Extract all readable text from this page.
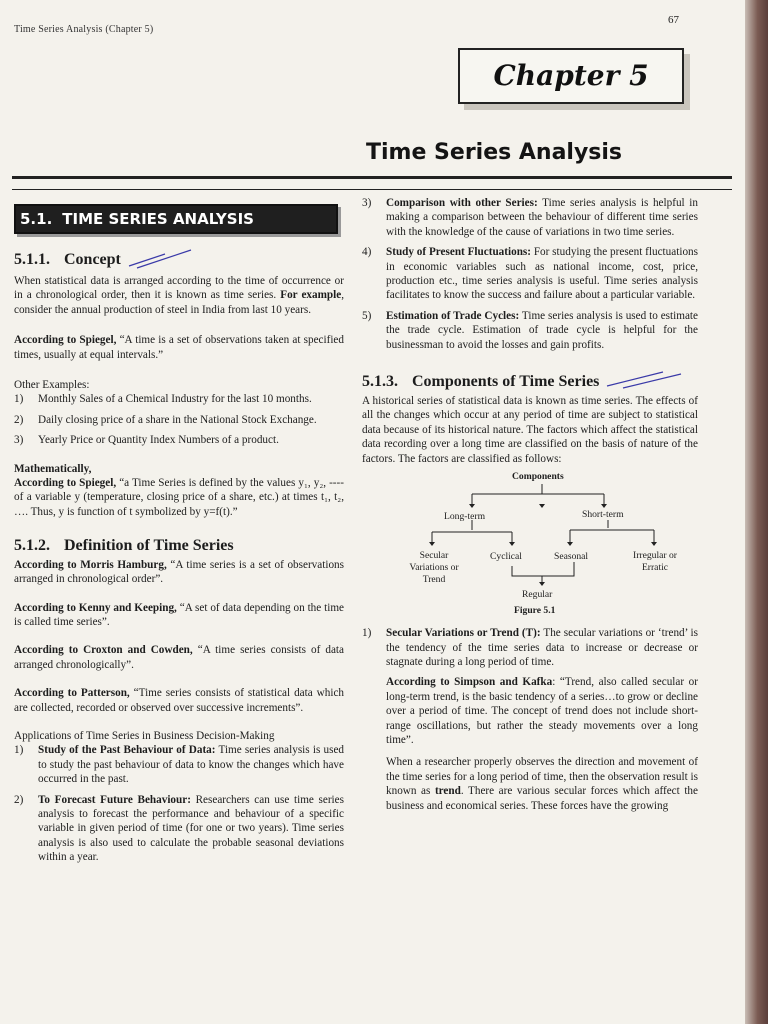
Time Series Analysis (Chapter 5)
67
Chapter 5
Time Series Analysis
5.1. TIME SERIES ANALYSIS
5.1.1. Concept

When statistical data is arranged according to the time of occurrence or in a chronological order, then it is known as time series. For example, consider the annual production of steel in India from last 10 years.

According to Spiegel, “A time is a set of observations taken at specified times, usually at equal intervals.”

Other Examples:
1)	Monthly Sales of a Chemical Industry for the last 10 months.
2)	Daily closing price of a share in the National Stock Exchange.
3)	Yearly Price or Quantity Index Numbers of a product.
Mathematically,

According to Spiegel, “a Time Series is defined by the values y₁, y₂, ---- of a variable y (temperature, closing price of a share, etc.) at times t₁, t₂, …. Thus, y is function of t symbolized by y=f(t).”

5.1.2. Definition of Time Series

According to Morris Hamburg, “A time series is a set of observations arranged in chronological order”.

According to Kenny and Keeping, “A set of data depending on the time is called time series”.

According to Croxton and Cowden, “A time series consists of data arranged chronologically”.

According to Patterson, “Time series consists of statistical data which are collected, recorded or observed over successive increments”.

Applications of Time Series in Business Decision-Making
1)	Study of the Past Behaviour of Data: Time series analysis is used to study the past behaviour of data to know the changes which have occurred in the past.
2)	To Forecast Future Behaviour: Researchers can use time series analysis to forecast the performance and behaviour of a specific variable in given period of time (for one or two years). Time series analysis is also used to calculate the probable seasonal deviations within a year.
3)	Comparison with other Series: Time series analysis is helpful in making a comparison between the behaviour of different time series with the knowledge of the cause of variations in two time series.
4)	Study of Present Fluctuations: For studying the present fluctuations in economic variables such as national income, cost, price, production etc., time series analysis is useful. Time series analysis facilitates to know the success and failure about a particular variable.
5)	Estimation of Trade Cycles: Time series analysis is used to estimate the trade cycle. Estimation of trade cycle is helpful for the businessman to avoid the losses and gain profits.
5.1.3. Components of Time Series

A historical series of statistical data is known as time series. The effects of all the changes which occur at any period of time are subject to statistical data because of its historical nature. The factors which affect the statistical data recording over a long time are classified on the basis of nature of the factors. The factors are classified as follows:

Components
Long-term	Short-term
Secular Variations or Trend
Cyclical	Seasonal	Irregular or Erratic
Regular
Figure 5.1
1)	Secular Variations or Trend (T): The secular variations or ‘trend’ is the tendency of the time series data to increase or decrease or stagnate during a long period of time.

According to Simpson and Kafka: “Trend, also called secular or long-term trend, is the basic tendency of a series…to grow or decline over a period of time. The concept of trend does not include short-range oscillations, but rather the steady movements over a long time”.

When a researcher properly observes the direction and movement of the time series for a long period of time, then the observation result is known as trend. There are various secular forces which affect the business and economical series. These forces have the growing
